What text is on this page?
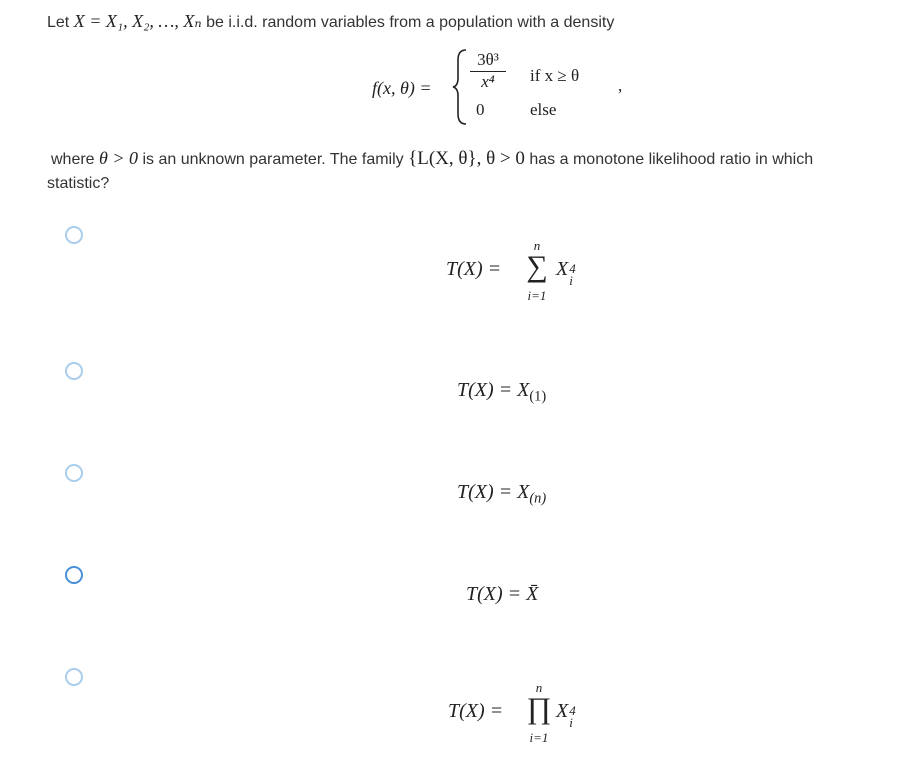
Let X = X₁, X₂, …, Xₙ be i.i.d. random variables from a population with a density
f(x, θ) =
3θ³
x⁴
0
if x ≥ θ
else
,
where θ > 0 is an unknown parameter. The family {L(X, θ}, θ > 0 has a monotone likelihood ratio in which
statistic?
T(X) =
n
∑
i=1
X 4
i
$T(X) = X_{(1)}$
$T(X) = X_{(n)}$
T(X) = X̄
T(X) =
n
∏
i=1
X 4
i
